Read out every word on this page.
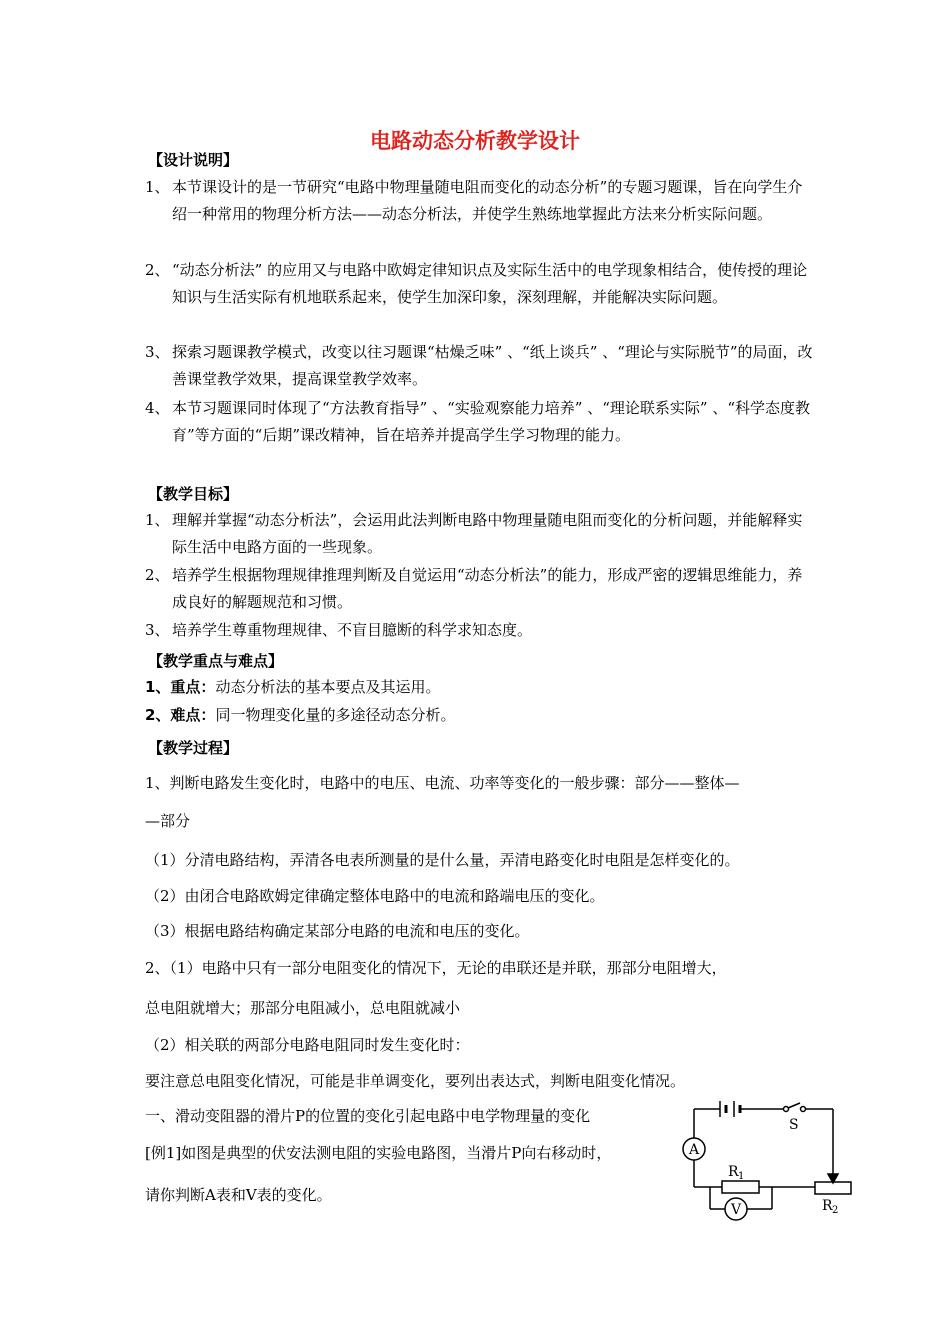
电路动态分析教学设计
【设计说明】
1、 本节课设计的是一节研究“电路中物理量随电阻而变化的动态分析”的专题习题课，旨在向学生介绍一种常用的物理分析方法——动态分析法，并使学生熟练地掌握此方法来分析实际问题。
2、 “动态分析法” 的应用又与电路中欧姆定律知识点及实际生活中的电学现象相结合，使传授的理论知识与生活实际有机地联系起来，使学生加深印象，深刻理解，并能解决实际问题。
3、 探索习题课教学模式，改变以往习题课“枯燥乏味” 、“纸上谈兵” 、“理论与实际脱节”的局面，改善课堂教学效果，提高课堂教学效率。
4、 本节习题课同时体现了“方法教育指导” 、“实验观察能力培养” 、“理论联系实际” 、“科学态度教育”等方面的“后期”课改精神，旨在培养并提高学生学习物理的能力。
【教学目标】
1、 理解并掌握“动态分析法”，会运用此法判断电路中物理量随电阻而变化的分析问题，并能解释实际生活中电路方面的一些现象。
2、 培养学生根据物理规律推理判断及自觉运用“动态分析法”的能力，形成严密的逻辑思维能力，养成良好的解题规范和习惯。
3、 培养学生尊重物理规律、不盲目臆断的科学求知态度。
【教学重点与难点】
1、重点：动态分析法的基本要点及其运用。
2、难点：同一物理变化量的多途径动态分析。
【教学过程】
1、判断电路发生变化时，电路中的电压、电流、功率等变化的一般步骤：部分——整体—
—部分
（1）分清电路结构，弄清各电表所测量的是什么量，弄清电路变化时电阻是怎样变化的。
（2）由闭合电路欧姆定律确定整体电路中的电流和路端电压的变化。
（3）根据电路结构确定某部分电路的电流和电压的变化。
2、（1）电路中只有一部分电阻变化的情况下，无论的串联还是并联，那部分电阻增大，
总电阻就增大；那部分电阻减小，总电阻就减小
（2）相关联的两部分电路电阻同时发生变化时：
要注意总电阻变化情况，可能是非单调变化，要列出表达式，判断电阻变化情况。
一、滑动变阻器的滑片P的位置的变化引起电路中电学物理量的变化
[例1]如图是典型的伏安法测电阻的实验电路图，当滑片P向右移动时，
请你判断A表和V表的变化。
A
V
S
R 1
R 2
